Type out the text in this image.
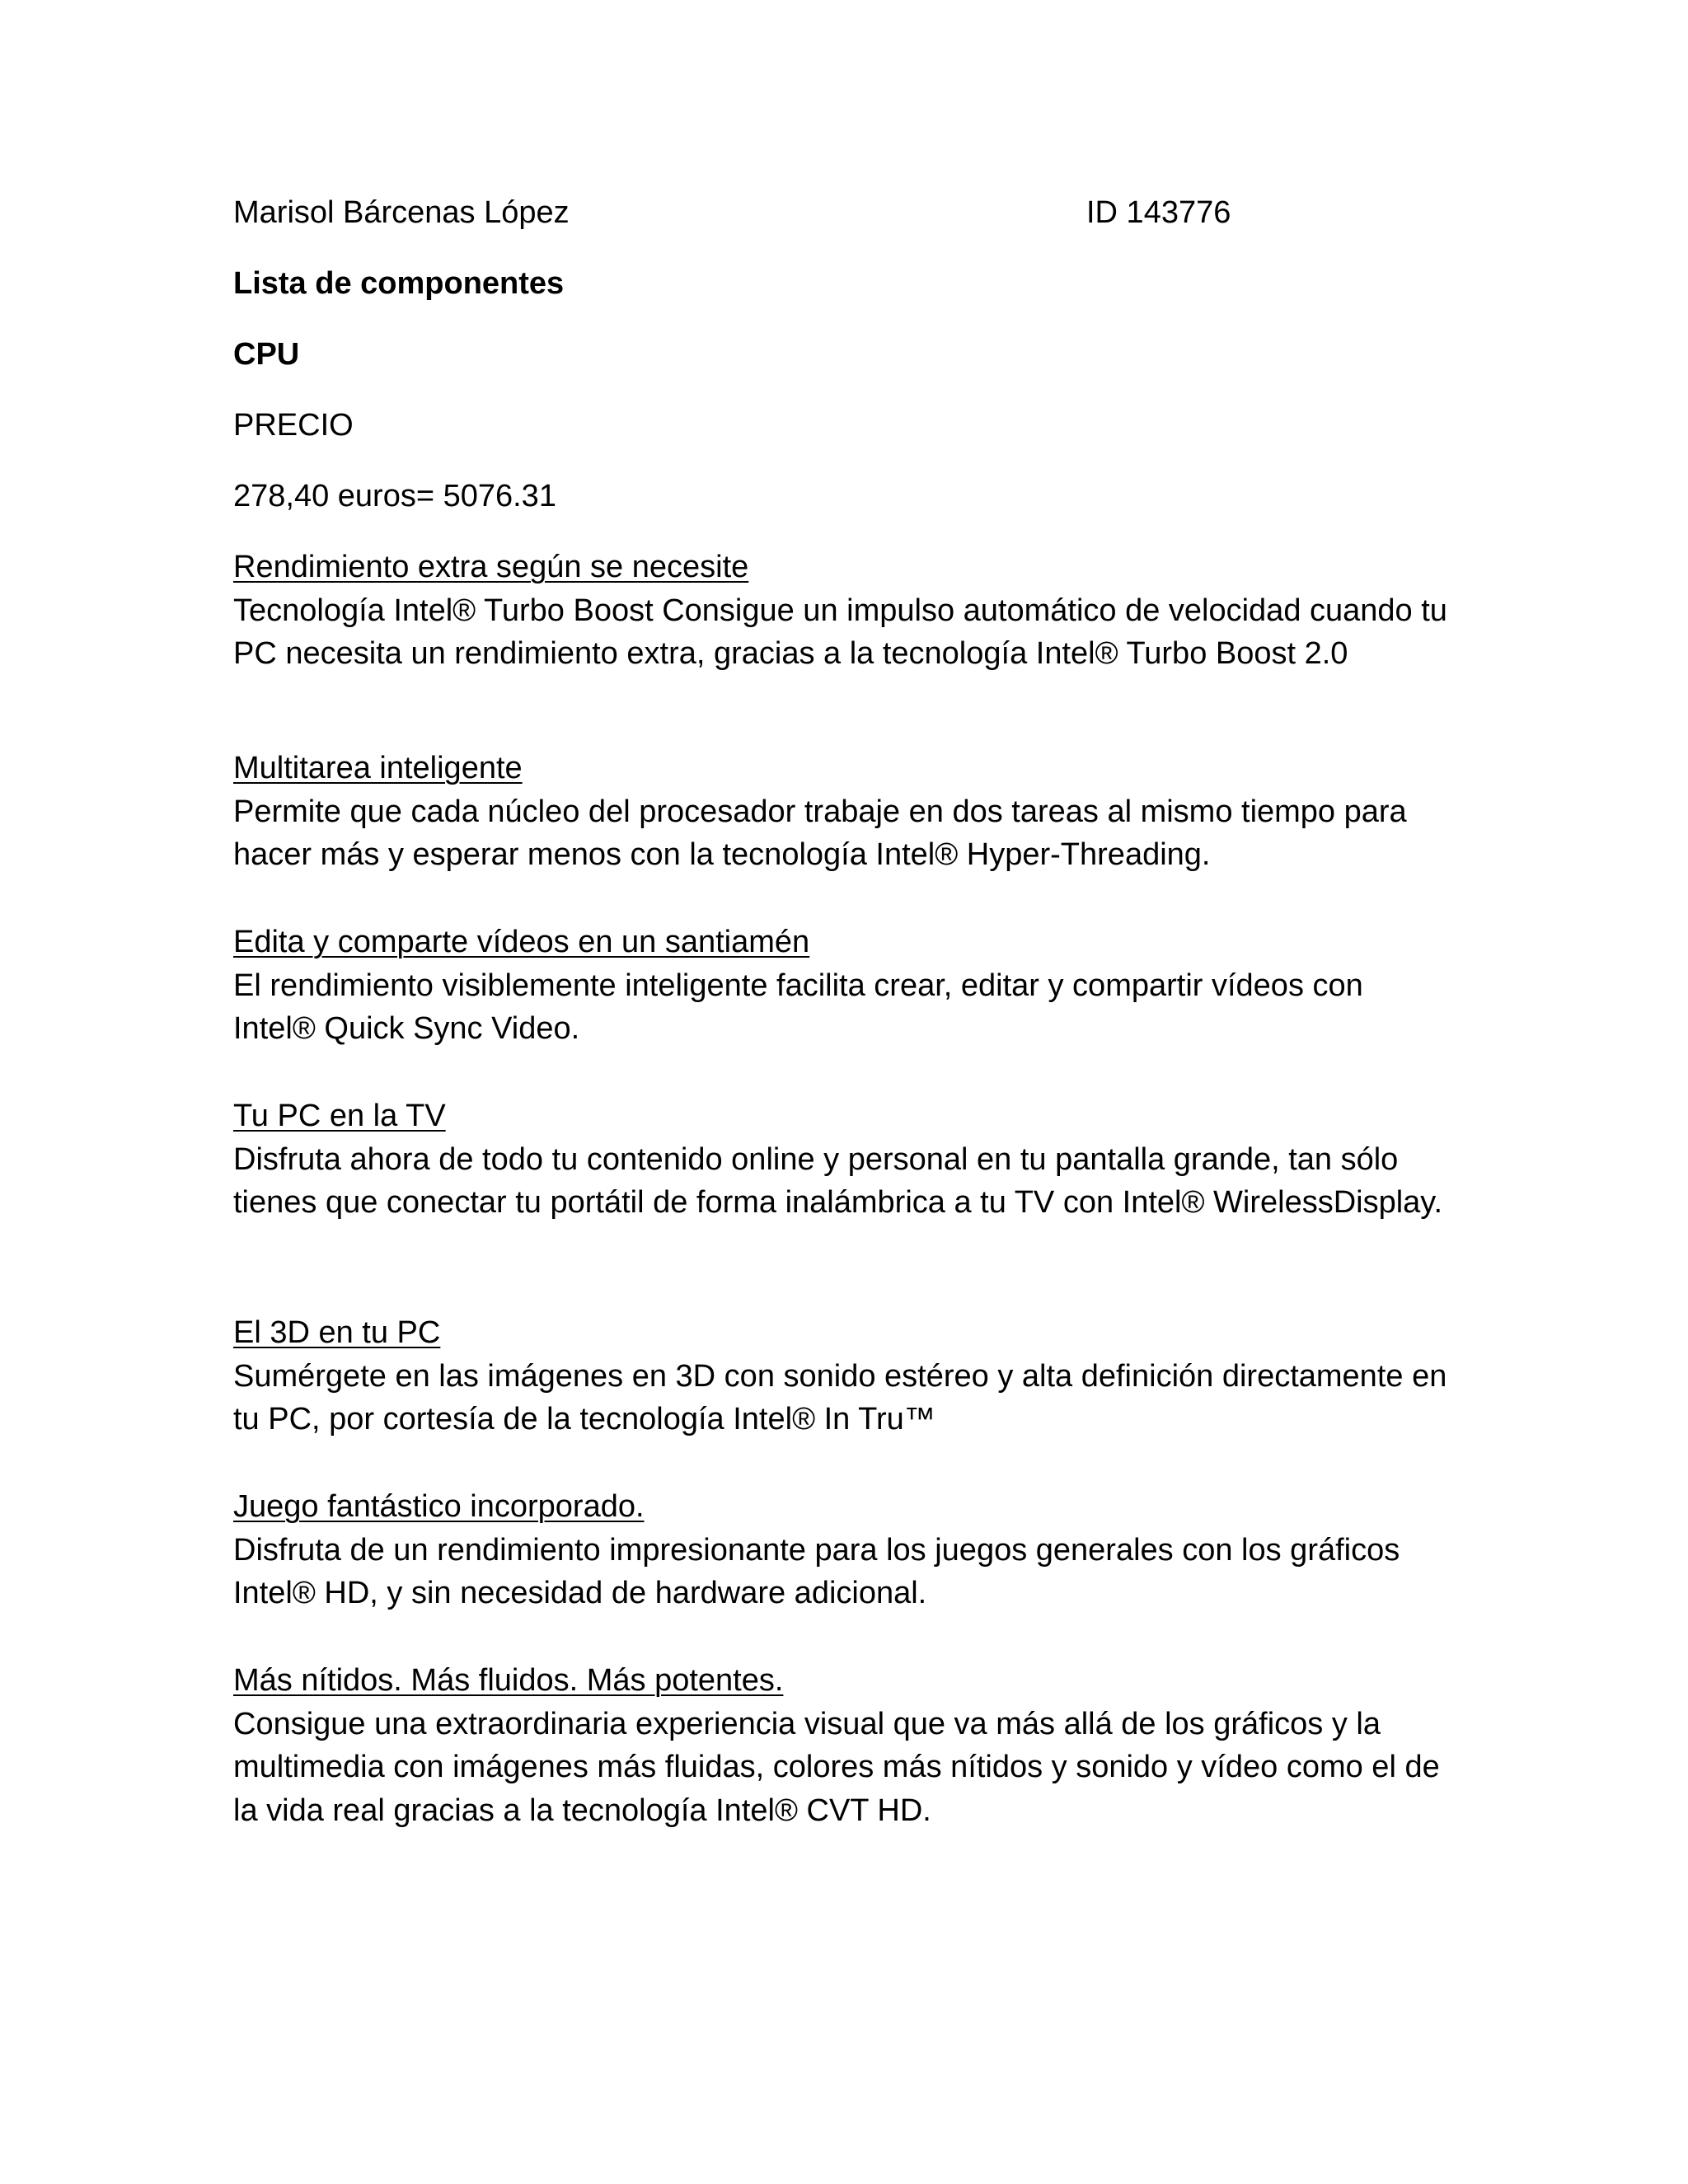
Marisol Bárcenas López	ID 143776
Lista de componentes
CPU
PRECIO
278,40 euros= 5076.31
Rendimiento extra según se necesite
Tecnología Intel® Turbo Boost Consigue un impulso automático de velocidad cuando tu PC necesita un rendimiento extra, gracias a la tecnología Intel® Turbo Boost 2.0
Multitarea inteligente
Permite que cada núcleo del procesador trabaje en dos tareas al mismo tiempo para hacer más y esperar menos con la tecnología Intel® Hyper-Threading.
Edita y comparte vídeos en un santiamén
El rendimiento visiblemente inteligente facilita crear, editar y compartir vídeos con Intel® Quick Sync Video.
Tu PC en la TV
Disfruta ahora de todo tu contenido online y personal en tu pantalla grande, tan sólo tienes que conectar tu portátil de forma inalámbrica a tu TV con Intel® WirelessDisplay.
El 3D en tu PC
Sumérgete en las imágenes en 3D con sonido estéreo y alta definición directamente en tu PC, por cortesía de la tecnología Intel® In Tru™
Juego fantástico incorporado.
Disfruta de un rendimiento impresionante para los juegos generales con los gráficos Intel® HD, y sin necesidad de hardware adicional.
Más nítidos. Más fluidos. Más potentes.
Consigue una extraordinaria experiencia visual que va más allá de los gráficos y la multimedia con imágenes más fluidas, colores más nítidos y sonido y vídeo como el de la vida real gracias a la tecnología Intel® CVT HD.
